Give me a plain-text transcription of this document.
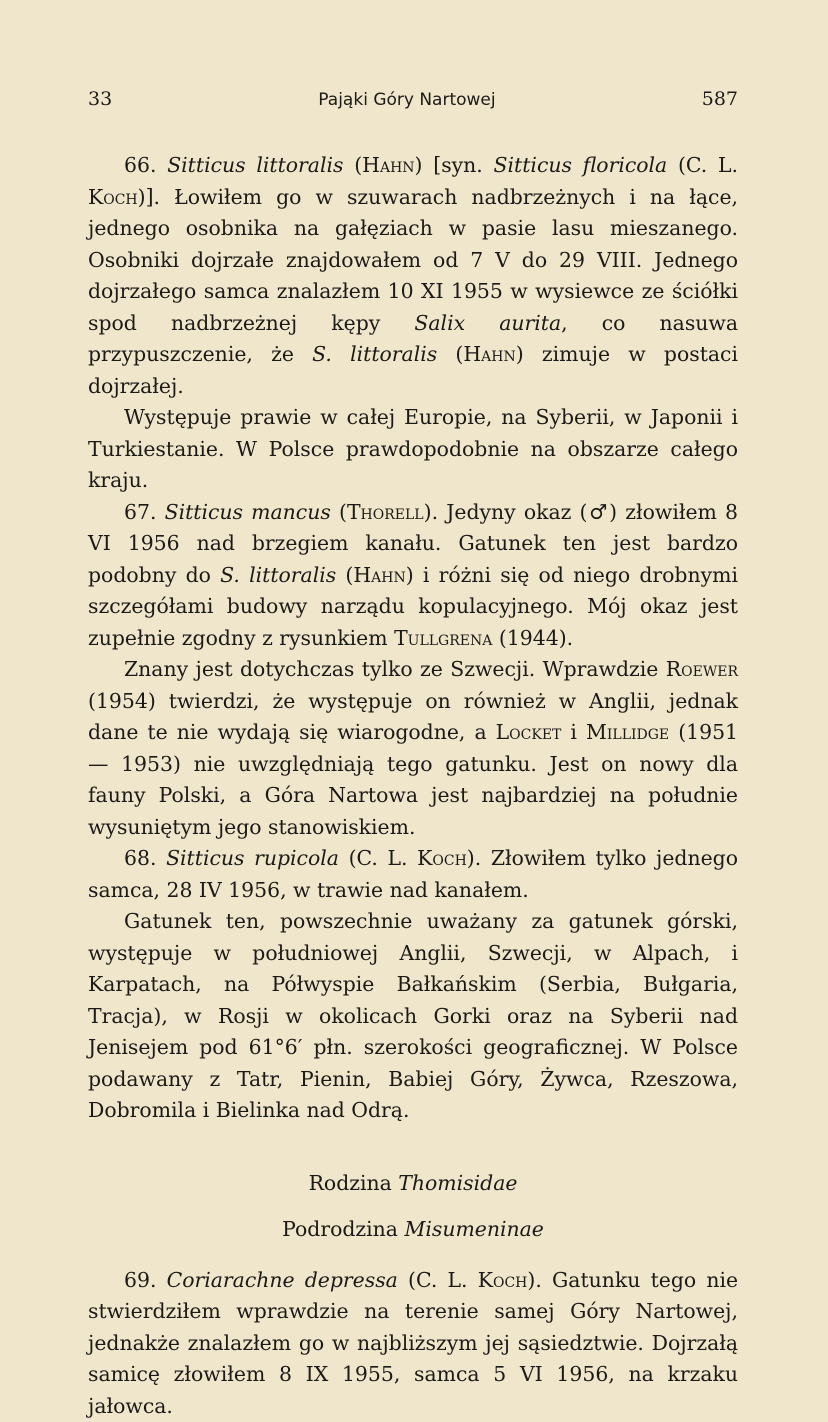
33	Pająki Góry Nartowej	587

66. Sitticus littoralis (Hahn) [syn. Sitticus floricola (C. L. Koch)]. Łowiłem go w szuwarach nadbrzeżnych i na łące, jednego osobnika na gałęziach w pasie lasu mieszanego. Osobniki dojrzałe znajdowałem od 7 V do 29 VIII. Jednego dojrzałego samca znalazłem 10 XI 1955 w wysiewce ze ściółki spod nadbrzeżnej kępy Salix aurita, co nasuwa przypuszczenie, że S. littoralis (Hahn) zimuje w postaci dojrzałej.

Występuje prawie w całej Europie, na Syberii, w Japonii i Turkiestanie. W Polsce prawdopodobnie na obszarze całego kraju.

67. Sitticus mancus (Thorell). Jedyny okaz (♂) złowiłem 8 VI 1956 nad brzegiem kanału. Gatunek ten jest bardzo podobny do S. littoralis (Hahn) i różni się od niego drobnymi szczegółami budowy narządu kopulacyjnego. Mój okaz jest zupełnie zgodny z rysunkiem Tullgrena (1944).

Znany jest dotychczas tylko ze Szwecji. Wprawdzie Roewer (1954) twierdzi, że występuje on również w Anglii, jednak dane te nie wydają się wiarogodne, a Locket i Millidge (1951 — 1953) nie uwzględniają tego gatunku. Jest on nowy dla fauny Polski, a Góra Nartowa jest najbardziej na południe wysuniętym jego stanowiskiem.

68. Sitticus rupicola (C. L. Koch). Złowiłem tylko jednego samca, 28 IV 1956, w trawie nad kanałem.

Gatunek ten, powszechnie uważany za gatunek górski, występuje w południowej Anglii, Szwecji, w Alpach, i Karpatach, na Półwyspie Bałkańskim (Serbia, Bułgaria, Tracja), w Rosji w okolicach Gorki oraz na Syberii nad Jenisejem pod 61°6′ płn. szerokości geograficznej. W Polsce podawany z Tatr, Pienin, Babiej Góry, Żywca, Rzeszowa, Dobromila i Bielinka nad Odrą.

Rodzina Thomisidae
Podrodzina Misumeninae

69. Coriarachne depressa (C. L. Koch). Gatunku tego nie stwierdziłem wprawdzie na terenie samej Góry Nartowej, jednakże znalazłem go w najbliższym jej sąsiedztwie. Dojrzałą samicę złowiłem 8 IX 1955, samca 5 VI 1956, na krzaku jałowca.
